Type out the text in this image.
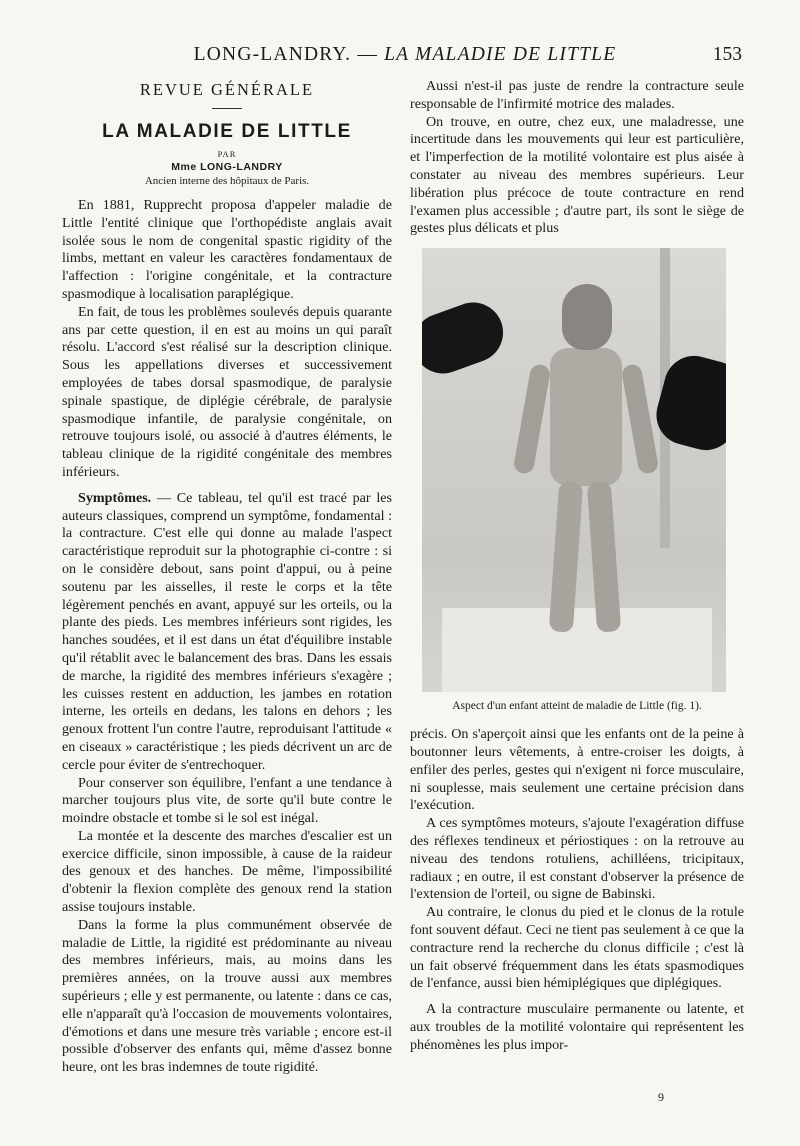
LONG-LANDRY. — LA MALADIE DE LITTLE	153
REVUE GÉNÉRALE
LA MALADIE DE LITTLE
PAR
Mme LONG-LANDRY
Ancien interne des hôpitaux de Paris.

En 1881, Rupprecht proposa d'appeler maladie de Little l'entité clinique que l'orthopédiste anglais avait isolée sous le nom de congenital spastic rigidity of the limbs, mettant en valeur les caractères fondamentaux de l'affection : l'origine congénitale, et la contracture spasmodique à localisation paraplégique.

En fait, de tous les problèmes soulevés depuis quarante ans par cette question, il en est au moins un qui paraît résolu. L'accord s'est réalisé sur la description clinique. Sous les appellations diverses et successivement employées de tabes dorsal spasmodique, de paralysie spinale spastique, de diplégie cérébrale, de paralysie spasmodique infantile, de paralysie congénitale, on retrouve toujours isolé, ou associé à d'autres éléments, le tableau clinique de la rigidité congénitale des membres inférieurs.

Symptômes. — Ce tableau, tel qu'il est tracé par les auteurs classiques, comprend un symptôme, fondamental : la contracture. C'est elle qui donne au malade l'aspect caractéristique reproduit sur la photographie ci-contre : si on le considère debout, sans point d'appui, ou à peine soutenu par les aisselles, il reste le corps et la tête légèrement penchés en avant, appuyé sur les orteils, ou la plante des pieds. Les membres inférieurs sont rigides, les hanches soudées, et il est dans un état d'équilibre instable qu'il rétablit avec le balancement des bras. Dans les essais de marche, la rigidité des membres inférieurs s'exagère ; les cuisses restent en adduction, les jambes en rotation interne, les orteils en dedans, les talons en dehors ; les genoux frottent l'un contre l'autre, reproduisant l'attitude « en ciseaux » caractéristique ; les pieds décrivent un arc de cercle pour éviter de s'entrechoquer.

Pour conserver son équilibre, l'enfant a une tendance à marcher toujours plus vite, de sorte qu'il bute contre le moindre obstacle et tombe si le sol est inégal.

La montée et la descente des marches d'escalier est un exercice difficile, sinon impossible, à cause de la raideur des genoux et des hanches. De même, l'impossibilité d'obtenir la flexion complète des genoux rend la station assise toujours instable.

Dans la forme la plus communément observée de maladie de Little, la rigidité est prédominante au niveau des membres inférieurs, mais, au moins dans les premières années, on la trouve aussi aux membres supérieurs ; elle y est permanente, ou latente : dans ce cas, elle n'apparaît qu'à l'occasion de mouvements volontaires, d'émotions et dans une mesure très variable ; encore est-il possible d'observer des enfants qui, même d'assez bonne heure, ont les bras indemnes de toute rigidité.

Aussi n'est-il pas juste de rendre la contracture seule responsable de l'infirmité motrice des malades.

On trouve, en outre, chez eux, une maladresse, une incertitude dans les mouvements qui leur est particulière, et l'imperfection de la motilité volontaire est plus aisée à constater au niveau des membres supérieurs. Leur libération plus précoce de toute contracture en rend l'examen plus accessible ; d'autre part, ils sont le siège de gestes plus délicats et plus

Aspect d'un enfant atteint de maladie de Little (fig. 1).

précis. On s'aperçoit ainsi que les enfants ont de la peine à boutonner leurs vêtements, à entre-croiser les doigts, à enfiler des perles, gestes qui n'exigent ni force musculaire, ni souplesse, mais seulement une certaine précision dans l'exécution.

A ces symptômes moteurs, s'ajoute l'exagération diffuse des réflexes tendineux et périostiques : on la retrouve au niveau des tendons rotuliens, achilléens, tricipitaux, radiaux ; en outre, il est constant d'observer la présence de l'extension de l'orteil, ou signe de Babinski.

Au contraire, le clonus du pied et le clonus de la rotule font souvent défaut. Ceci ne tient pas seulement à ce que la contracture rend la recherche du clonus difficile ; c'est là un fait observé fréquemment dans les états spasmodiques de l'enfance, aussi bien hémiplégiques que diplégiques.

A la contracture musculaire permanente ou latente, et aux troubles de la motilité volontaire qui représentent les phénomènes les plus impor-

9
